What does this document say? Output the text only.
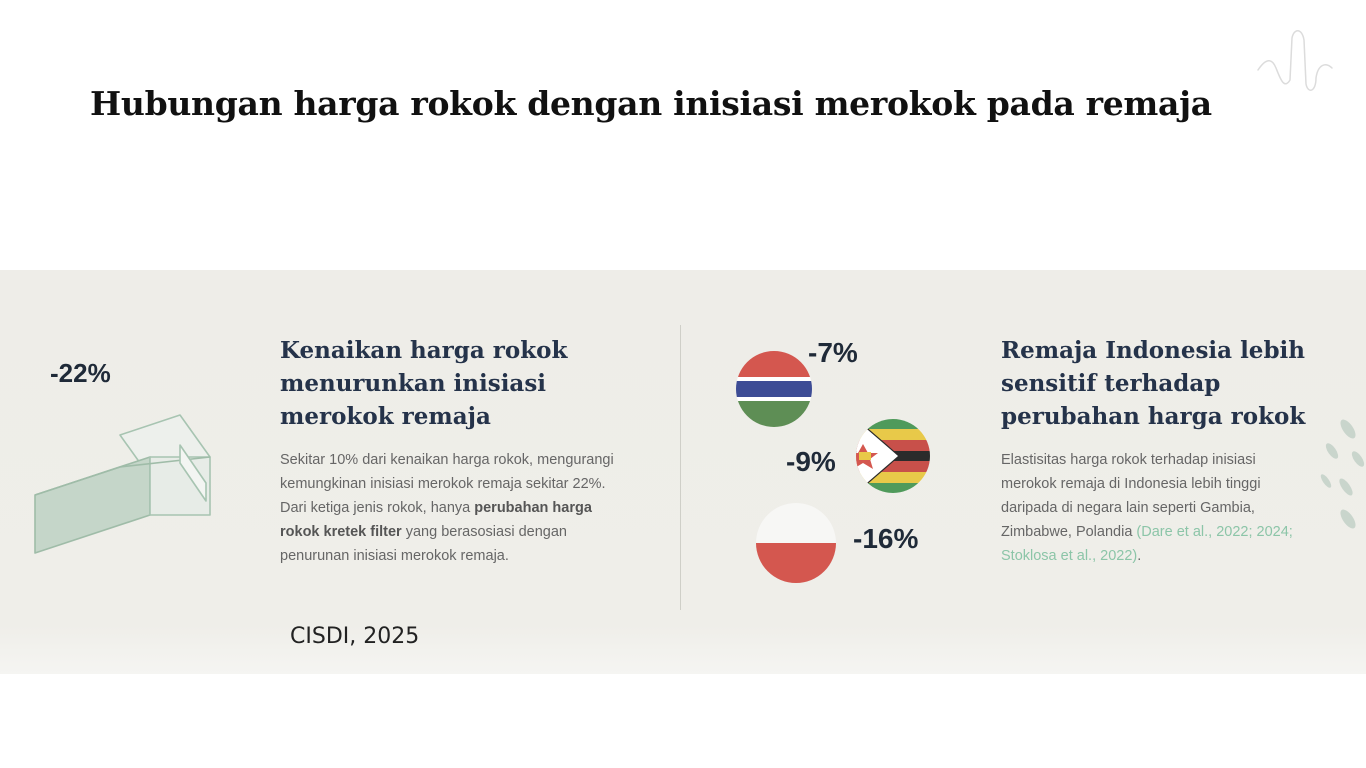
Hubungan harga rokok dengan inisiasi merokok pada remaja
-22%
Kenaikan harga rokok menurunkan inisiasi merokok remaja
Sekitar 10% dari kenaikan harga rokok, mengurangi kemungkinan inisiasi merokok remaja sekitar 22%.
Dari ketiga jenis rokok, hanya perubahan harga rokok kretek filter yang berasosiasi dengan penurunan inisiasi merokok remaja.
CISDI, 2025
-7%
-9%
-16%
Remaja Indonesia lebih sensitif terhadap perubahan harga rokok
Elastisitas harga rokok terhadap inisiasi merokok remaja di Indonesia lebih tinggi daripada di negara lain seperti Gambia, Zimbabwe, Polandia (Dare et al., 2022; 2024; Stoklosa et al., 2022).
